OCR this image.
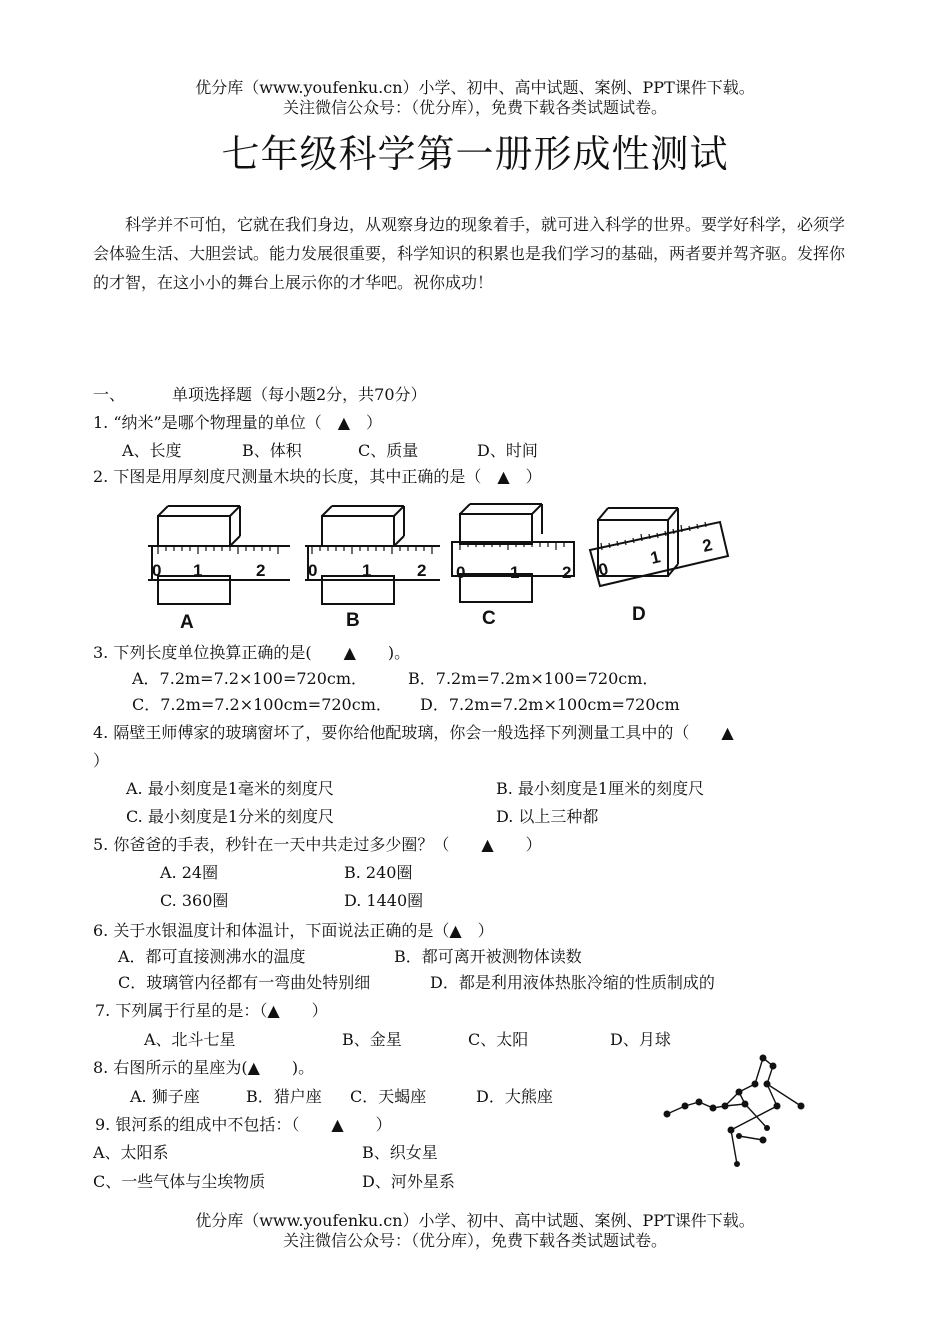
优分库（www.youfenku.cn）小学、初中、高中试题、案例、PPT课件下载。
关注微信公众号：（优分库），免费下载各类试题试卷。
七年级科学第一册形成性测试
科学并不可怕，它就在我们身边，从观察身边的现象着手，就可进入科学的世界。要学好科学，必须学会体验生活、大胆尝试。能力发展很重要，科学知识的积累也是我们学习的基础，两者要并驾齐驱。发挥你的才智，在这小小的舞台上展示你的才华吧。祝你成功！
一、	单项选择题（每小题2分，共70分）
1. “纳米”是哪个物理量的单位（　▲　）
A、长度	B、体积	C、质量	D、时间
2. 下图是用厚刻度尺测量木块的长度，其中正确的是（　▲　）
0 1	2	0	1	2 0	1	2 0
1
2
A	B	C	D
3. 下列长度单位换算正确的是(　　▲　　)。
A．7.2m=7.2×100=720cm．	B．7.2m=7.2m×100=720cm．
C．7.2m=7.2×100cm=720cm． D．7.2m=7.2m×100cm=720cm
4. 隔壁王师傅家的玻璃窗坏了，要你给他配玻璃，你会一般选择下列测量工具中的（　　▲
）
A. 最小刻度是1毫米的刻度尺	B. 最小刻度是1厘米的刻度尺
C. 最小刻度是1分米的刻度尺	D. 以上三种都
5. 你爸爸的手表，秒针在一天中共走过多少圈？（　　▲　　）
A. 24圈	B. 240圈
C. 360圈	D. 1440圈
6. 关于水银温度计和体温计，下面说法正确的是（▲　）
A．都可直接测沸水的温度	B．都可离开被测物体读数
C．玻璃管内径都有一弯曲处特别细	D．都是利用液体热胀冷缩的性质制成的
7. 下列属于行星的是：（▲　　）
A、北斗七星	B、金星	C、太阳	D、月球
8. 右图所示的星座为(▲　　)。
A. 狮子座	B．猎户座 C．天蝎座	D．大熊座
9. 银河系的组成中不包括：（　　▲　　）
A、太阳系	B、织女星
C、一些气体与尘埃物质	D、河外星系
优分库（www.youfenku.cn）小学、初中、高中试题、案例、PPT课件下载。
关注微信公众号：（优分库），免费下载各类试题试卷。
